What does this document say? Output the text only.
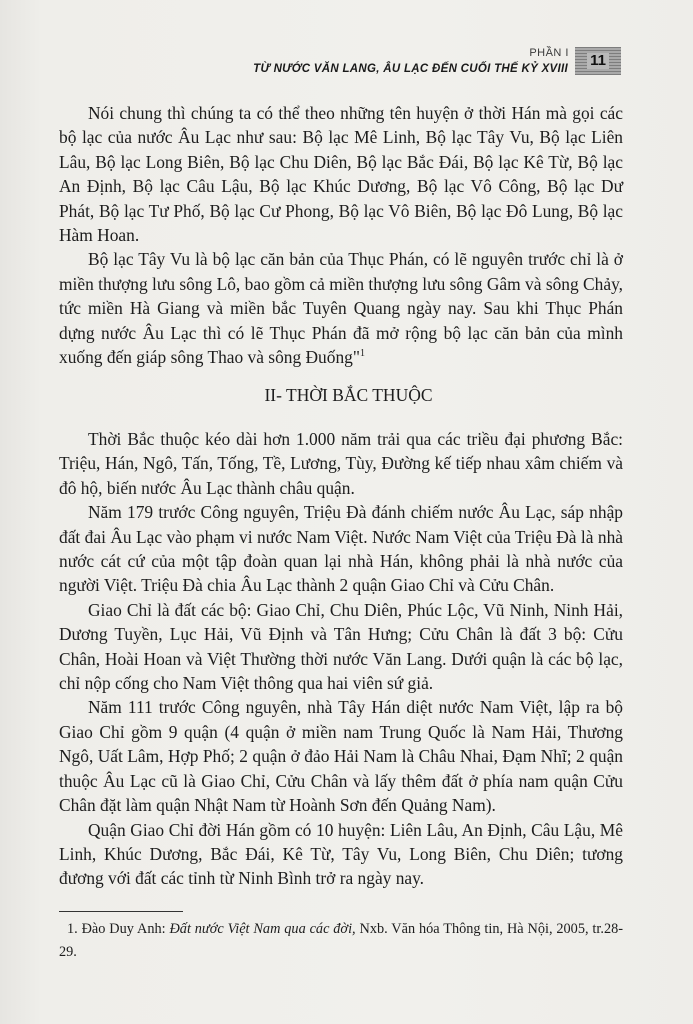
PHẦN I 11
TỪ NƯỚC VĂN LANG, ÂU LẠC ĐẾN CUỐI THẾ KỶ XVIII

Nói chung thì chúng ta có thể theo những tên huyện ở thời Hán mà gọi các bộ lạc của nước Âu Lạc như sau: Bộ lạc Mê Linh, Bộ lạc Tây Vu, Bộ lạc Liên Lâu, Bộ lạc Long Biên, Bộ lạc Chu Diên, Bộ lạc Bắc Đái, Bộ lạc Kê Từ, Bộ lạc An Định, Bộ lạc Câu Lậu, Bộ lạc Khúc Dương, Bộ lạc Vô Công, Bộ lạc Dư Phát, Bộ lạc Tư Phố, Bộ lạc Cư Phong, Bộ lạc Vô Biên, Bộ lạc Đô Lung, Bộ lạc Hàm Hoan.

Bộ lạc Tây Vu là bộ lạc căn bản của Thục Phán, có lẽ nguyên trước chỉ là ở miền thượng lưu sông Lô, bao gồm cả miền thượng lưu sông Gâm và sông Chảy, tức miền Hà Giang và miền bắc Tuyên Quang ngày nay. Sau khi Thục Phán dựng nước Âu Lạc thì có lẽ Thục Phán đã mở rộng bộ lạc căn bản của mình xuống đến giáp sông Thao và sông Đuống"$^1$

II- THỜI BẮC THUỘC

Thời Bắc thuộc kéo dài hơn 1.000 năm trải qua các triều đại phương Bắc: Triệu, Hán, Ngô, Tấn, Tống, Tề, Lương, Tùy, Đường kế tiếp nhau xâm chiếm và đô hộ, biến nước Âu Lạc thành châu quận.

Năm 179 trước Công nguyên, Triệu Đà đánh chiếm nước Âu Lạc, sáp nhập đất đai Âu Lạc vào phạm vi nước Nam Việt. Nước Nam Việt của Triệu Đà là nhà nước cát cứ của một tập đoàn quan lại nhà Hán, không phải là nhà nước của người Việt. Triệu Đà chia Âu Lạc thành 2 quận Giao Chỉ và Cửu Chân.

Giao Chỉ là đất các bộ: Giao Chỉ, Chu Diên, Phúc Lộc, Vũ Ninh, Ninh Hải, Dương Tuyền, Lục Hải, Vũ Định và Tân Hưng; Cửu Chân là đất 3 bộ: Cửu Chân, Hoài Hoan và Việt Thường thời nước Văn Lang. Dưới quận là các bộ lạc, chỉ nộp cống cho Nam Việt thông qua hai viên sứ giả.

Năm 111 trước Công nguyên, nhà Tây Hán diệt nước Nam Việt, lập ra bộ Giao Chỉ gồm 9 quận (4 quận ở miền nam Trung Quốc là Nam Hải, Thương Ngô, Uất Lâm, Hợp Phố; 2 quận ở đảo Hải Nam là Châu Nhai, Đạm Nhĩ; 2 quận thuộc Âu Lạc cũ là Giao Chỉ, Cửu Chân và lấy thêm đất ở phía nam quận Cửu Chân đặt làm quận Nhật Nam từ Hoành Sơn đến Quảng Nam).

Quận Giao Chỉ đời Hán gồm có 10 huyện: Liên Lâu, An Định, Câu Lậu, Mê Linh, Khúc Dương, Bắc Đái, Kê Từ, Tây Vu, Long Biên, Chu Diên; tương đương với đất các tỉnh từ Ninh Bình trở ra ngày nay.

1. Đào Duy Anh: Đất nước Việt Nam qua các đời, Nxb. Văn hóa Thông tin, Hà Nội, 2005, tr.28-29.
